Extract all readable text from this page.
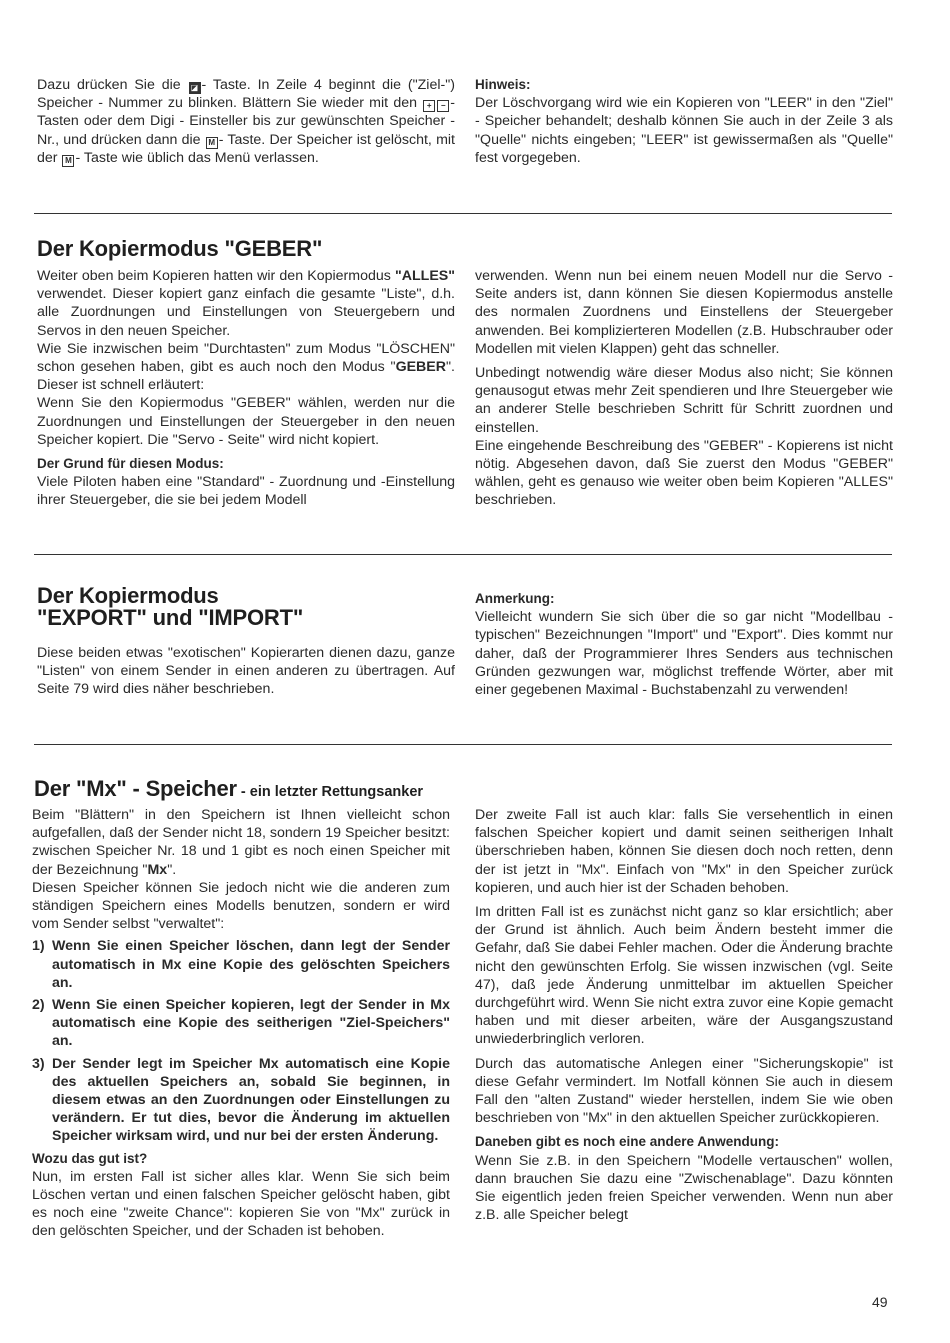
Dazu drücken Sie die ◪ - Taste. In Zeile 4 beginnt die ("Ziel-") Speicher - Nummer zu blinken. Blättern Sie wieder mit den + − - Tasten oder dem Digi - Einsteller bis zur gewünschten Speicher - Nr., und drücken dann die M - Taste. Der Speicher ist gelöscht, mit der M - Taste wie üblich das Menü verlassen.

Hinweis:

Der Löschvorgang wird wie ein Kopieren von "LEER" in den "Ziel" - Speicher behandelt; deshalb können Sie auch in der Zeile 3 als "Quelle" nichts eingeben; "LEER" ist gewissermaßen als "Quelle" fest vorgegeben.

Der Kopiermodus "GEBER"

Weiter oben beim Kopieren hatten wir den Kopiermodus "ALLES" verwendet. Dieser kopiert ganz einfach die gesamte "Liste", d.h. alle Zuordnungen und Einstellungen von Steuergebern und Servos in den neuen Speicher.

Wie Sie inzwischen beim "Durchtasten" zum Modus "LÖSCHEN" schon gesehen haben, gibt es auch noch den Modus "GEBER". Dieser ist schnell erläutert:

Wenn Sie den Kopiermodus "GEBER" wählen, werden nur die Zuordnungen und Einstellungen der Steuergeber in den neuen Speicher kopiert. Die "Servo - Seite" wird nicht kopiert.

Der Grund für diesen Modus:

Viele Piloten haben eine "Standard" - Zuordnung und -Einstellung ihrer Steuergeber, die sie bei jedem Modell

verwenden. Wenn nun bei einem neuen Modell nur die Servo - Seite anders ist, dann können Sie diesen Kopiermodus anstelle des normalen Zuordnens und Einstellens der Steuergeber anwenden. Bei komplizierteren Modellen (z.B. Hubschrauber oder Modellen mit vielen Klappen) geht das schneller.

Unbedingt notwendig wäre dieser Modus also nicht; Sie können genausogut etwas mehr Zeit spendieren und Ihre Steuergeber wie an anderer Stelle beschrieben Schritt für Schritt zuordnen und einstellen.

Eine eingehende Beschreibung des "GEBER" - Kopierens ist nicht nötig. Abgesehen davon, daß Sie zuerst den Modus "GEBER" wählen, geht es genauso wie weiter oben beim Kopieren "ALLES" beschrieben.

Der Kopiermodus
"EXPORT" und "IMPORT"

Diese beiden etwas "exotischen" Kopierarten dienen dazu, ganze "Listen" von einem Sender in einen anderen zu übertragen. Auf Seite 79 wird dies näher beschrieben.

Anmerkung:

Vielleicht wundern Sie sich über die so gar nicht "Modellbau - typischen" Bezeichnungen "Import" und "Export". Dies kommt nur daher, daß der Programmierer Ihres Senders aus technischen Gründen gezwungen war, möglichst treffende Wörter, aber mit einer gegebenen Maximal - Buchstabenzahl zu verwenden!

Der "Mx" - Speicher - ein letzter Rettungsanker

Beim "Blättern" in den Speichern ist Ihnen vielleicht schon aufgefallen, daß der Sender nicht 18, sondern 19 Speicher besitzt: zwischen Speicher Nr. 18 und 1 gibt es noch einen Speicher mit der Bezeichnung "Mx".

Diesen Speicher können Sie jedoch nicht wie die anderen zum ständigen Speichern eines Modells benutzen, sondern er wird vom Sender selbst "verwaltet":

1) Wenn Sie einen Speicher löschen, dann legt der Sender automatisch in Mx eine Kopie des gelöschten Speichers an.
2) Wenn Sie einen Speicher kopieren, legt der Sender in Mx automatisch eine Kopie des seitherigen "Ziel-Speichers" an.
3) Der Sender legt im Speicher Mx automatisch eine Kopie des aktuellen Speichers an, sobald Sie beginnen, in diesem etwas an den Zuordnungen oder Einstellungen zu verändern. Er tut dies, bevor die Änderung im aktuellen Speicher wirksam wird, und nur bei der ersten Änderung.
Wozu das gut ist?

Nun, im ersten Fall ist sicher alles klar. Wenn Sie sich beim Löschen vertan und einen falschen Speicher gelöscht haben, gibt es noch eine "zweite Chance": kopieren Sie von "Mx" zurück in den gelöschten Speicher, und der Schaden ist behoben.

Der zweite Fall ist auch klar: falls Sie versehentlich in einen falschen Speicher kopiert und damit seinen seitherigen Inhalt überschrieben haben, können Sie diesen doch noch retten, denn der ist jetzt in "Mx". Einfach von "Mx" in den Speicher zurück kopieren, und auch hier ist der Schaden behoben.

Im dritten Fall ist es zunächst nicht ganz so klar ersichtlich; aber der Grund ist ähnlich. Auch beim Ändern besteht immer die Gefahr, daß Sie dabei Fehler machen. Oder die Änderung brachte nicht den gewünschten Erfolg. Sie wissen inzwischen (vgl. Seite 47), daß jede Änderung unmittelbar im aktuellen Speicher durchgeführt wird. Wenn Sie nicht extra zuvor eine Kopie gemacht haben und mit dieser arbeiten, wäre der Ausgangszustand unwiederbringlich verloren.

Durch das automatische Anlegen einer "Sicherungskopie" ist diese Gefahr vermindert. Im Notfall können Sie auch in diesem Fall den "alten Zustand" wieder herstellen, indem Sie wie oben beschrieben von "Mx" in den aktuellen Speicher zurückkopieren.

Daneben gibt es noch eine andere Anwendung:

Wenn Sie z.B. in den Speichern "Modelle vertauschen" wollen, dann brauchen Sie dazu eine "Zwischenablage". Dazu könnten Sie eigentlich jeden freien Speicher verwenden. Wenn nun aber z.B. alle Speicher belegt

49
